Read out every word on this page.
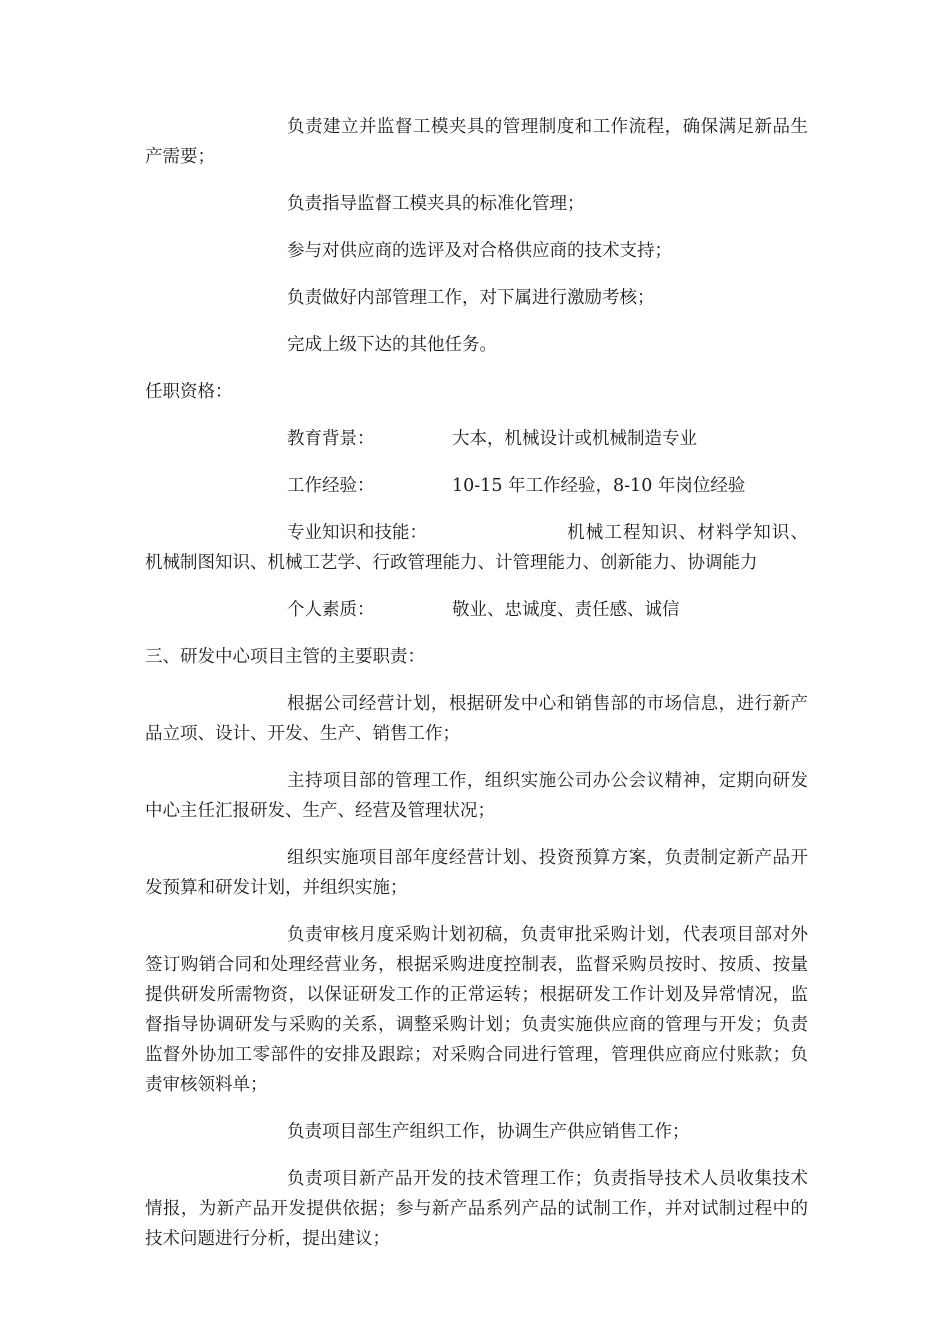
负责建立并监督工模夹具的管理制度和工作流程，确保满足新品生产需要；

负责指导监督工模夹具的标准化管理；

参与对供应商的选评及对合格供应商的技术支持；

负责做好内部管理工作，对下属进行激励考核；

完成上级下达的其他任务。

任职资格：

教育背景：	大本，机械设计或机械制造专业
工作经验：	10-15 年工作经验，8-10 年岗位经验

专业知识和技能：	机械工程知识、材料学知识、机械制图知识、机械工艺学、行政管理能力、计管理能力、创新能力、协调能力

个人素质：	敬业、忠诚度、责任感、诚信

三、研发中心项目主管的主要职责：

根据公司经营计划，根据研发中心和销售部的市场信息，进行新产品立项、设计、开发、生产、销售工作；

主持项目部的管理工作，组织实施公司办公会议精神，定期向研发中心主任汇报研发、生产、经营及管理状况；

组织实施项目部年度经营计划、投资预算方案，负责制定新产品开发预算和研发计划，并组织实施；

负责审核月度采购计划初稿，负责审批采购计划，代表项目部对外签订购销合同和处理经营业务，根据采购进度控制表，监督采购员按时、按质、按量提供研发所需物资，以保证研发工作的正常运转；根据研发工作计划及异常情况，监督指导协调研发与采购的关系，调整采购计划；负责实施供应商的管理与开发；负责监督外协加工零部件的安排及跟踪；对采购合同进行管理，管理供应商应付账款；负责审核领料单；

负责项目部生产组织工作，协调生产供应销售工作；

负责项目新产品开发的技术管理工作；负责指导技术人员收集技术情报，为新产品开发提供依据；参与新产品系列产品的试制工作，并对试制过程中的技术问题进行分析，提出建议；
